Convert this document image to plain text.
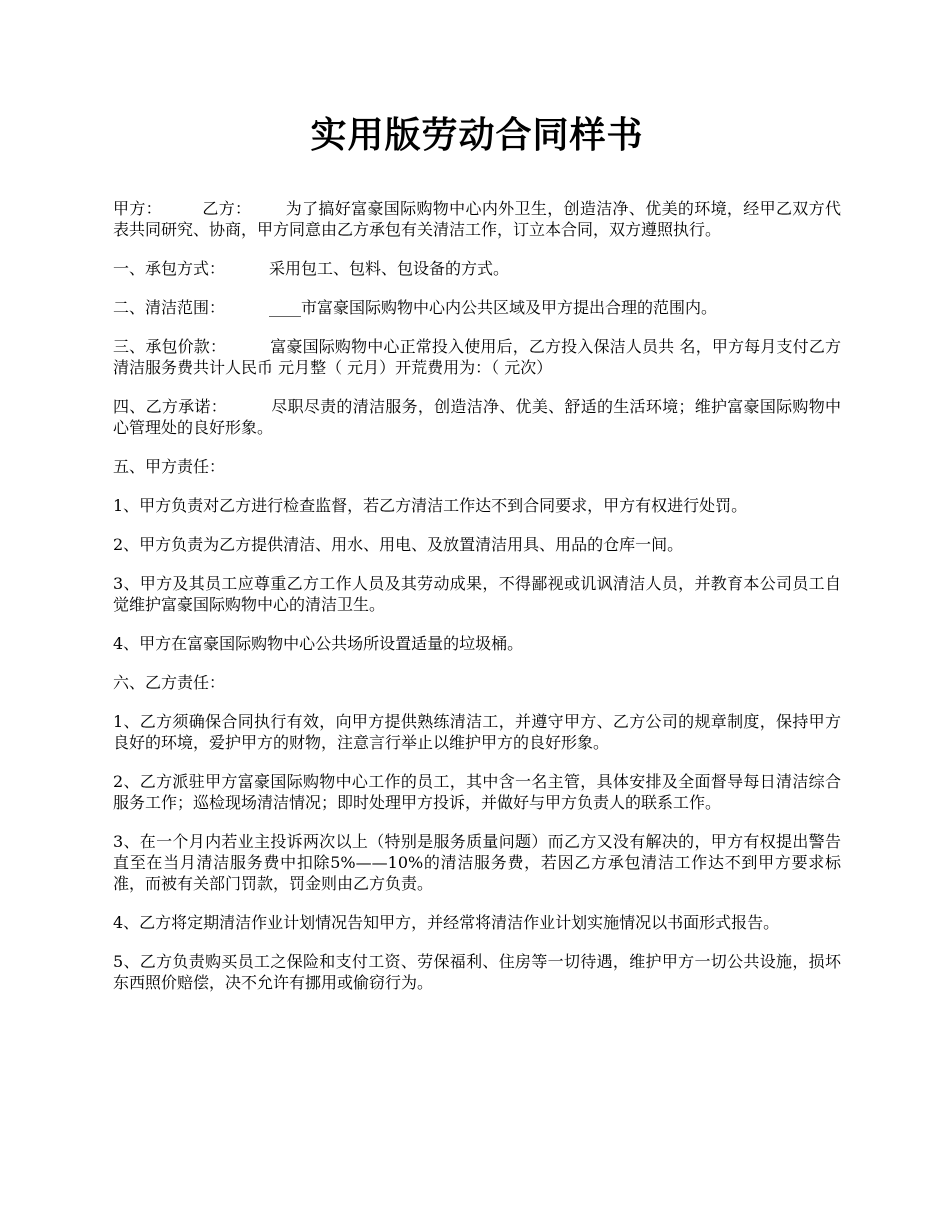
实用版劳动合同样书

甲方：	乙方： 为了搞好富豪国际购物中心内外卫生，创造洁净、优美的环境，经甲乙双方代表共同研究、协商，甲方同意由乙方承包有关清洁工作，订立本合同，双方遵照执行。

一、承包方式：	采用包工、包料、包设备的方式。

二、清洁范围：	____市富豪国际购物中心内公共区域及甲方提出合理的范围内。

三、承包价款：	富豪国际购物中心正常投入使用后，乙方投入保洁人员共 名，甲方每月支付乙方清洁服务费共计人民币 元月整（ 元月）开荒费用为：（ 元次）

四、乙方承诺：	尽职尽责的清洁服务，创造洁净、优美、舒适的生活环境；维护富豪国际购物中心管理处的良好形象。

五、甲方责任：

1、甲方负责对乙方进行检查监督，若乙方清洁工作达不到合同要求，甲方有权进行处罚。

2、甲方负责为乙方提供清洁、用水、用电、及放置清洁用具、用品的仓库一间。

3、甲方及其员工应尊重乙方工作人员及其劳动成果，不得鄙视或讥讽清洁人员，并教育本公司员工自觉维护富豪国际购物中心的清洁卫生。

4、甲方在富豪国际购物中心公共场所设置适量的垃圾桶。

六、乙方责任：

1、乙方须确保合同执行有效，向甲方提供熟练清洁工，并遵守甲方、乙方公司的规章制度，保持甲方良好的环境，爱护甲方的财物，注意言行举止以维护甲方的良好形象。

2、乙方派驻甲方富豪国际购物中心工作的员工，其中含一名主管，具体安排及全面督导每日清洁综合服务工作；巡检现场清洁情况；即时处理甲方投诉，并做好与甲方负责人的联系工作。

3、在一个月内若业主投诉两次以上（特别是服务质量问题）而乙方又没有解决的，甲方有权提出警告直至在当月清洁服务费中扣除5%——10%的清洁服务费，若因乙方承包清洁工作达不到甲方要求标准，而被有关部门罚款，罚金则由乙方负责。

4、乙方将定期清洁作业计划情况告知甲方，并经常将清洁作业计划实施情况以书面形式报告。

5、乙方负责购买员工之保险和支付工资、劳保福利、住房等一切待遇，维护甲方一切公共设施，损坏东西照价赔偿，决不允许有挪用或偷窃行为。
